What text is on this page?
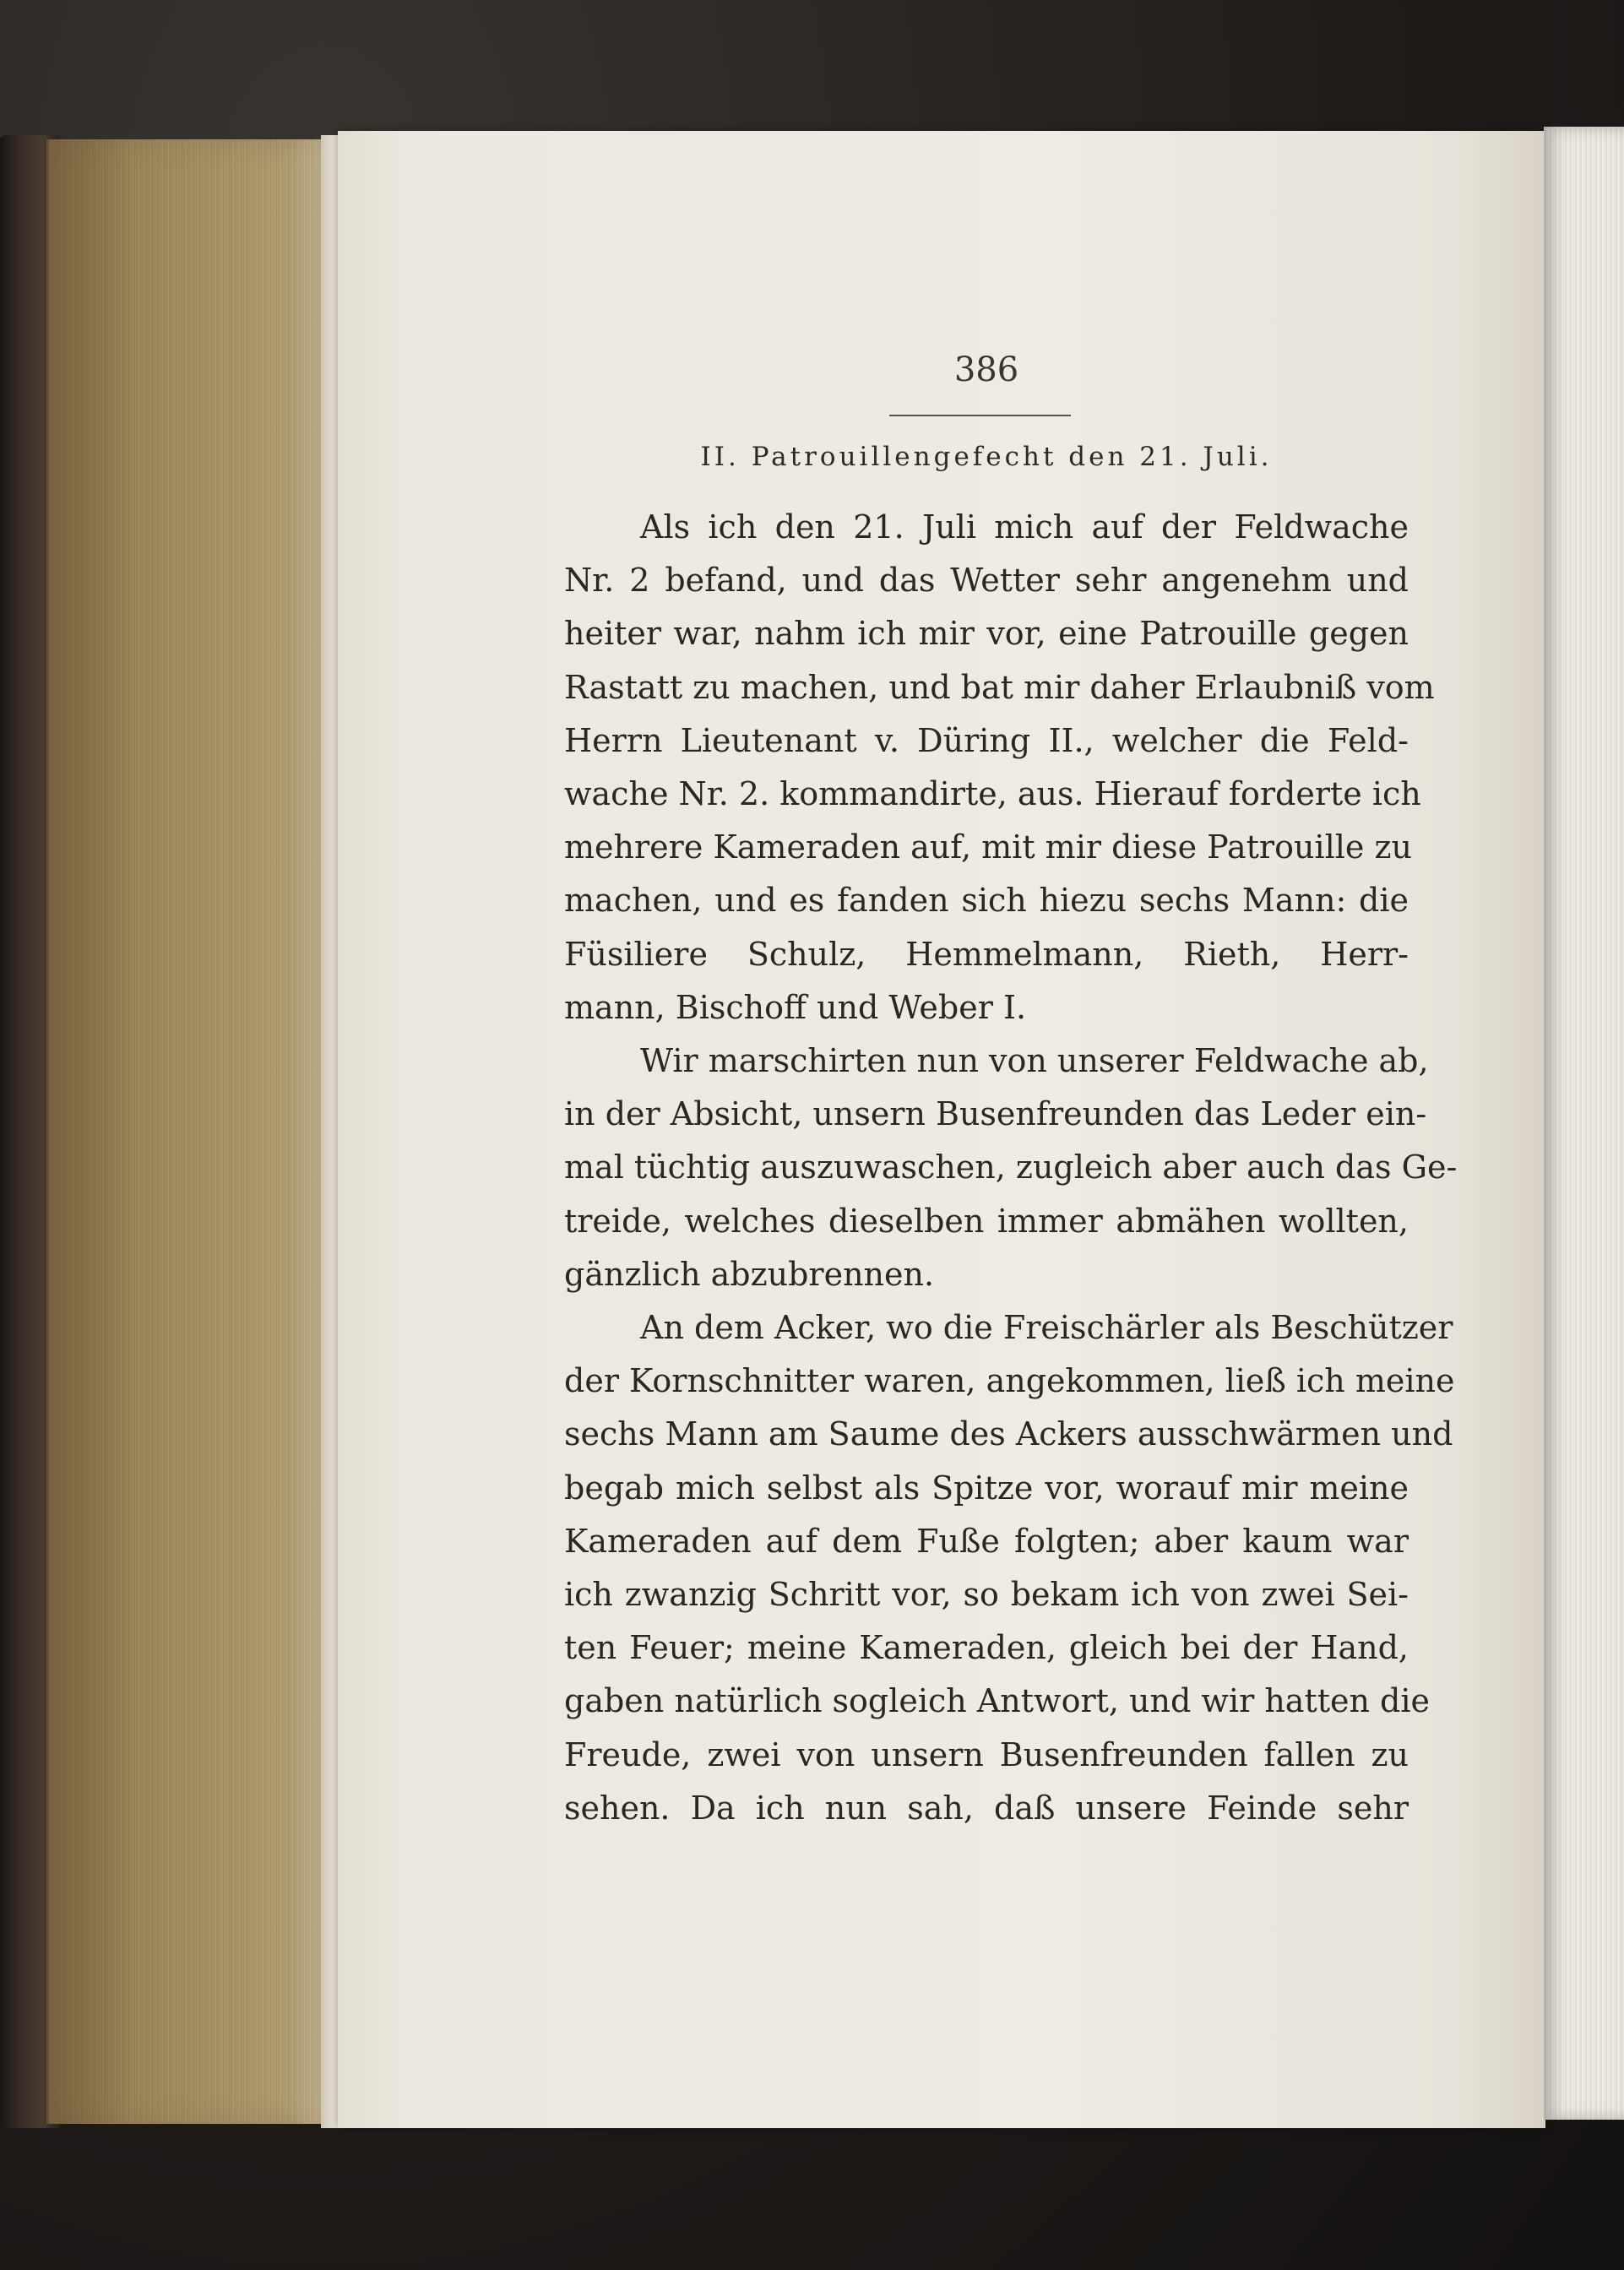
386
II. Patrouillengefecht den 21. Juli.
Als ich den 21. Juli mich auf der Feldwache
Nr. 2 befand, und das Wetter sehr angenehm und
heiter war, nahm ich mir vor, eine Patrouille gegen
Rastatt zu machen, und bat mir daher Erlaubniß vom
Herrn Lieutenant v. Düring II., welcher die Feld-
wache Nr. 2. kommandirte, aus. Hierauf forderte ich
mehrere Kameraden auf, mit mir diese Patrouille zu
machen, und es fanden sich hiezu sechs Mann: die
Füsiliere Schulz, Hemmelmann, Rieth, Herr-
mann, Bischoff und Weber I.
Wir marschirten nun von unserer Feldwache ab,
in der Absicht, unsern Busenfreunden das Leder ein-
mal tüchtig auszuwaschen, zugleich aber auch das Ge-
treide, welches dieselben immer abmähen wollten,
gänzlich abzubrennen.
An dem Acker, wo die Freischärler als Beschützer
der Kornschnitter waren, angekommen, ließ ich meine
sechs Mann am Saume des Ackers ausschwärmen und
begab mich selbst als Spitze vor, worauf mir meine
Kameraden auf dem Fuße folgten; aber kaum war
ich zwanzig Schritt vor, so bekam ich von zwei Sei-
ten Feuer; meine Kameraden, gleich bei der Hand,
gaben natürlich sogleich Antwort, und wir hatten die
Freude, zwei von unsern Busenfreunden fallen zu
sehen. Da ich nun sah, daß unsere Feinde sehr
